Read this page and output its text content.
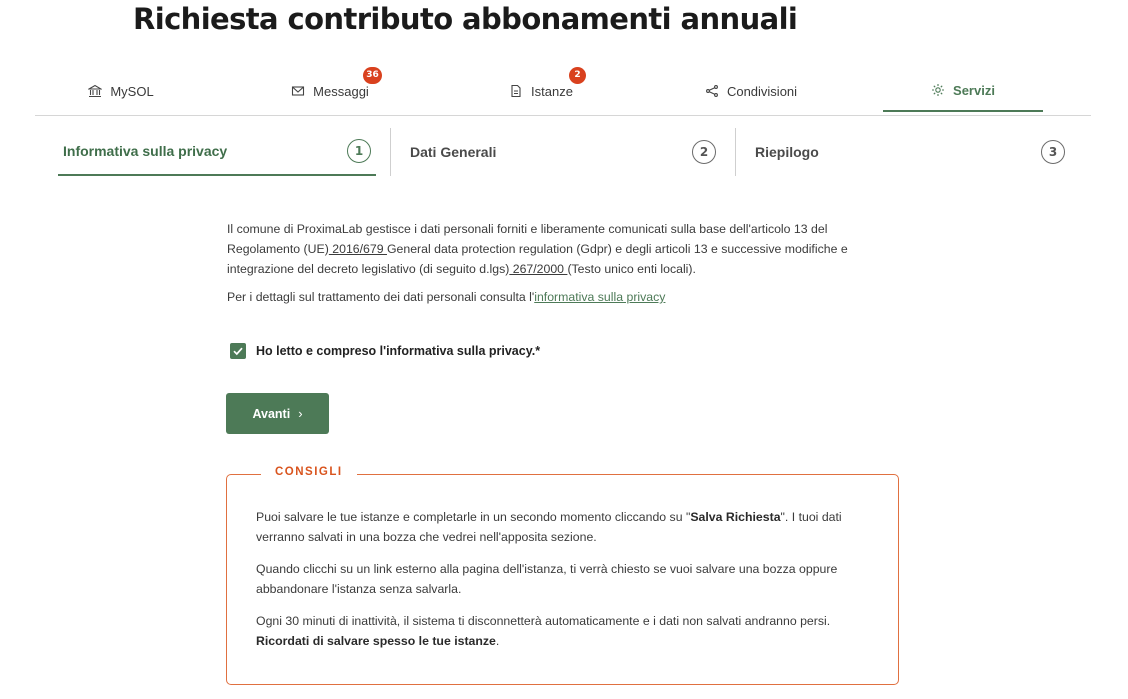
Richiesta contributo abbonamenti annuali
MySOL	Messaggi
36
Istanze
2
Condivisioni	Servizi
Informativa sulla privacy	1	Dati Generali	2	Riepilogo	3
Il comune di ProximaLab gestisce i dati personali forniti e liberamente comunicati sulla base dell'articolo 13 del Regolamento (UE) 2016/679 General data protection regulation (Gdpr) e degli articoli 13 e successive modifiche e integrazione del decreto legislativo (di seguito d.lgs) 267/2000 (Testo unico enti locali).
Per i dettagli sul trattamento dei dati personali consulta l'informativa sulla privacy
Ho letto e compreso l'informativa sulla privacy.*
Avanti ›
CONSIGLI

Puoi salvare le tue istanze e completarle in un secondo momento cliccando su "Salva Richiesta". I tuoi dati verranno salvati in una bozza che vedrei nell'apposita sezione.

Quando clicchi su un link esterno alla pagina dell'istanza, ti verrà chiesto se vuoi salvare una bozza oppure abbandonare l'istanza senza salvarla.

Ogni 30 minuti di inattività, il sistema ti disconnetterà automaticamente e i dati non salvati andranno persi.
Ricordati di salvare spesso le tue istanze.
